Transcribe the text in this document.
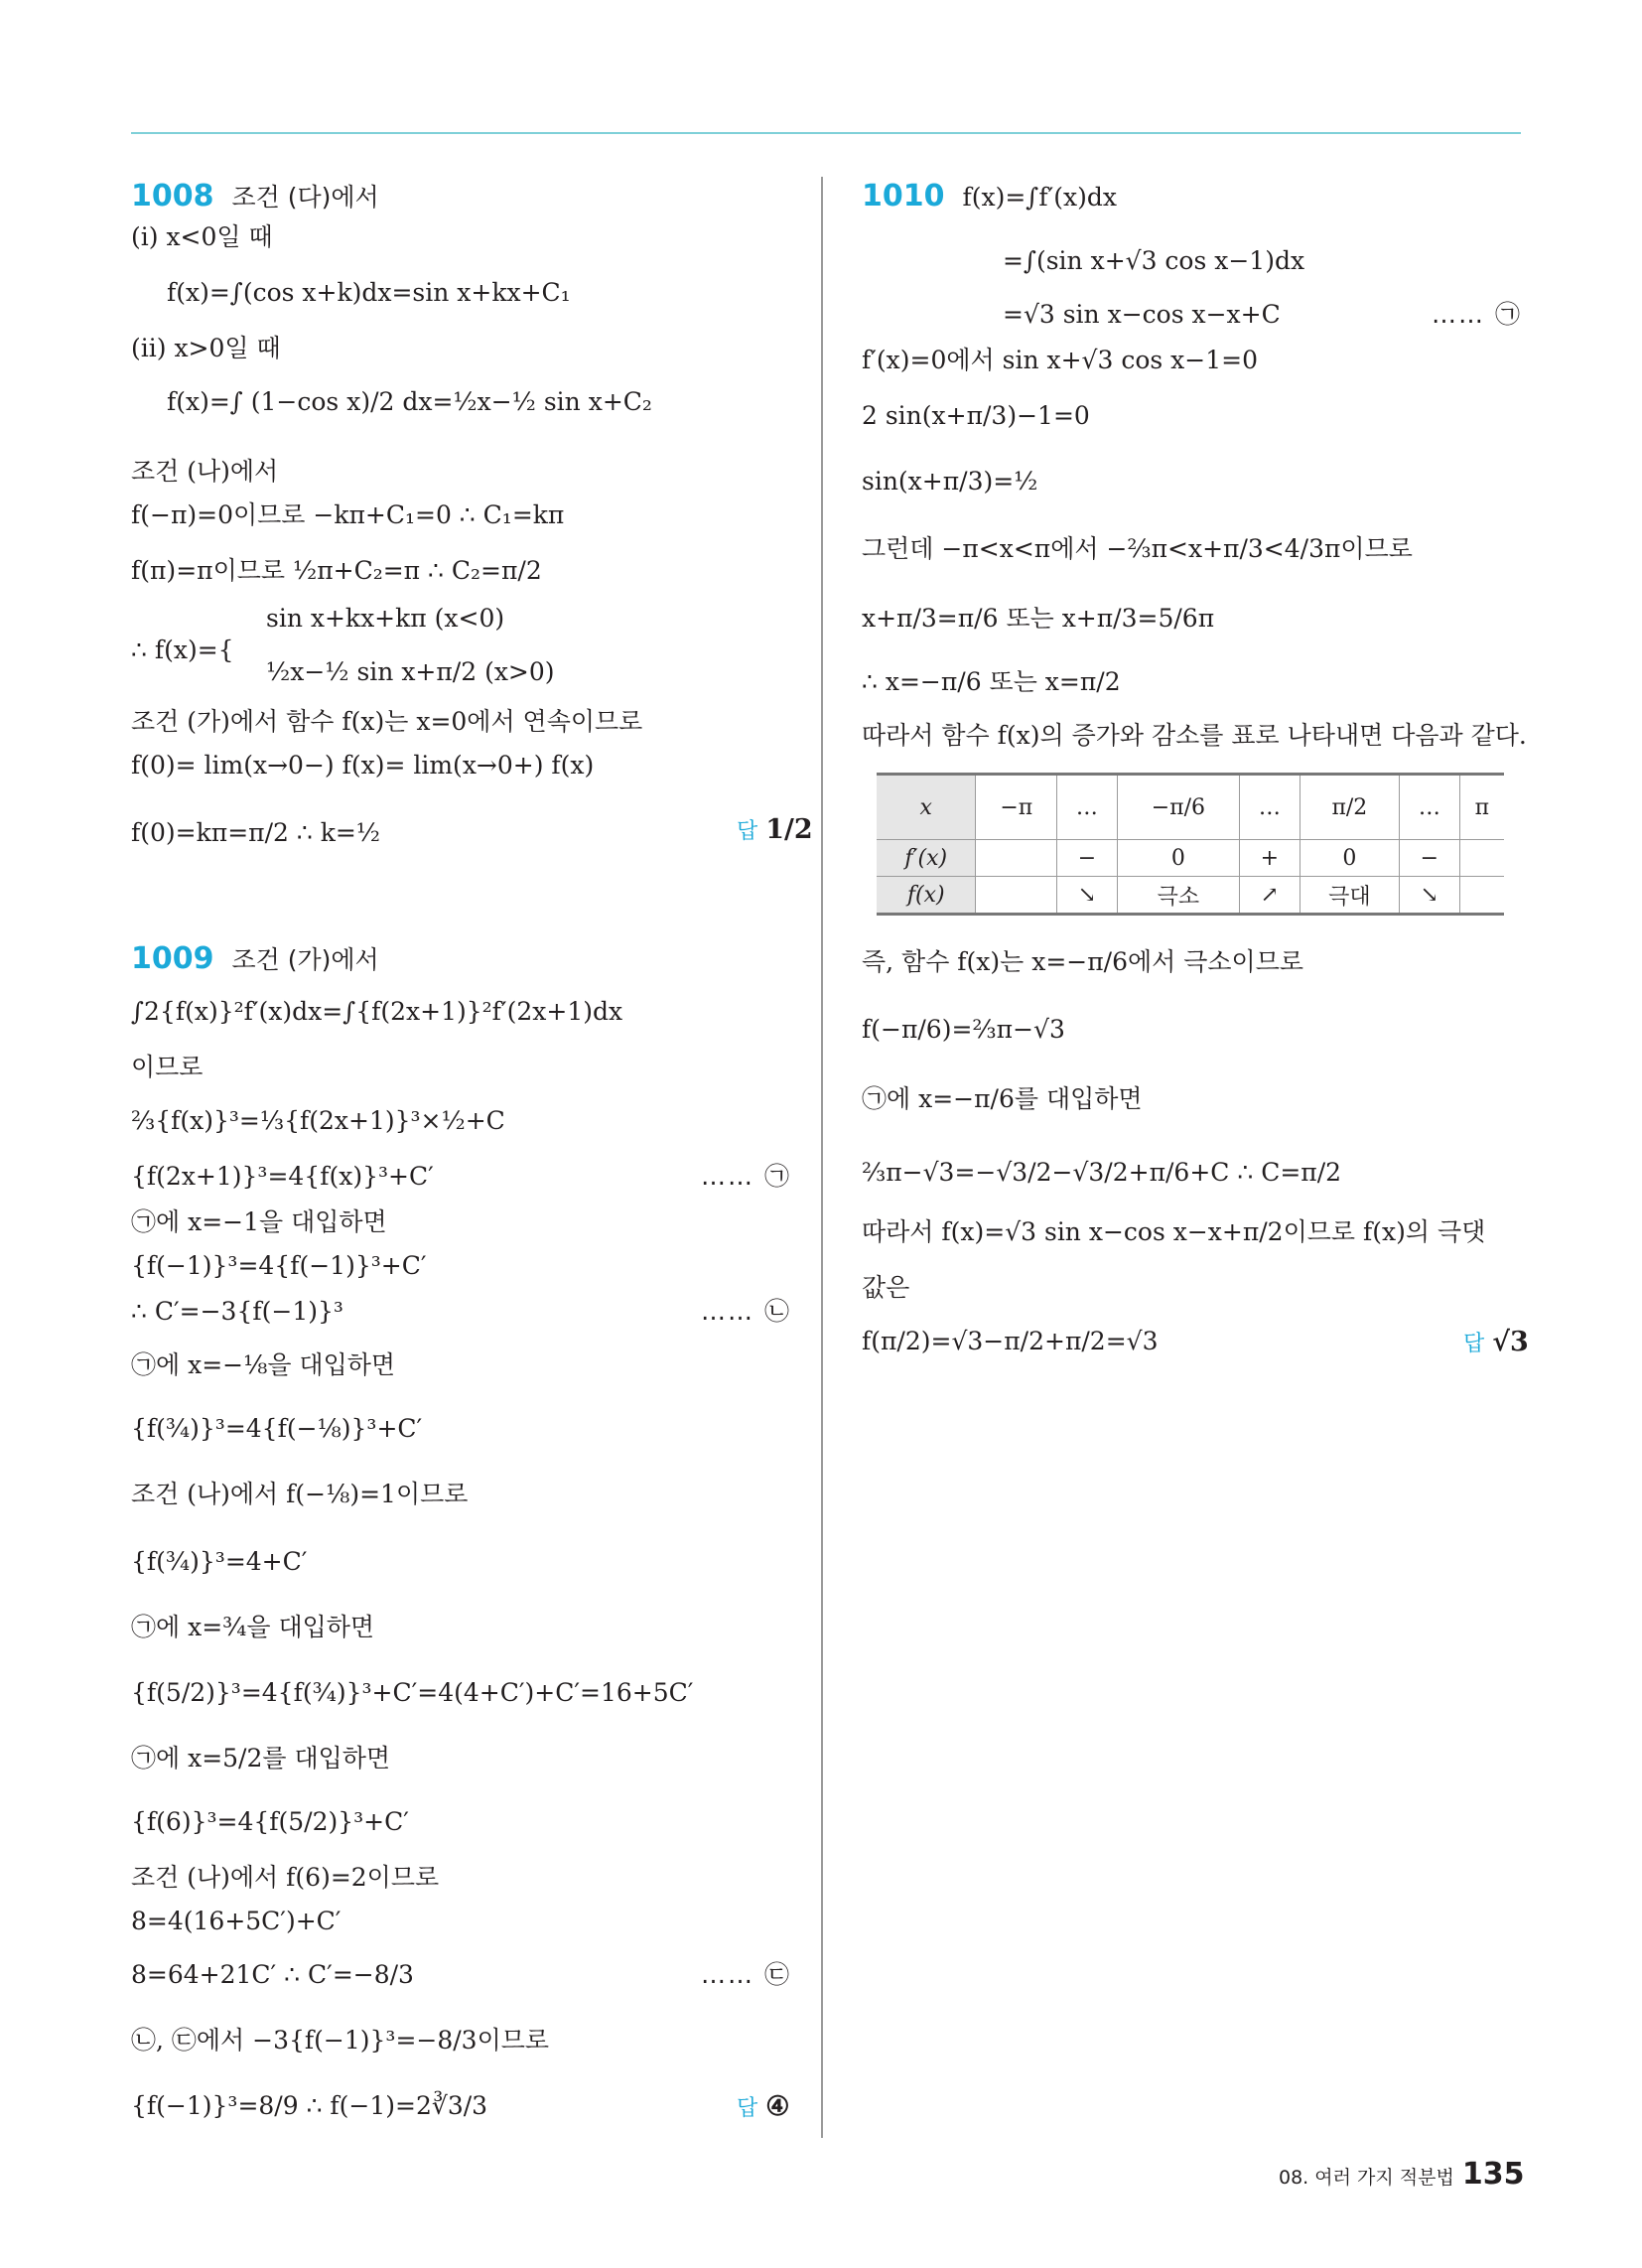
1008 조건 (다)에서
(ⅰ) x<0일 때
f(x)=∫(cos x+k)dx=sin x+kx+C₁
(ⅱ) x>0일 때
f(x)=∫ (1−cos x)/2 dx=½x−½ sin x+C₂
조건 (나)에서
f(−π)=0이므로 −kπ+C₁=0 ∴ C₁=kπ
f(π)=π이므로 ½π+C₂=π ∴ C₂=π/2
sin x+kx+kπ (x<0)
∴ f(x)={
½x−½ sin x+π/2 (x>0)
조건 (가)에서 함수 f(x)는 x=0에서 연속이므로
f(0)= lim(x→0−) f(x)= lim(x→0+) f(x)
f(0)=kπ=π/2 ∴ k=½	답 1/2
1009 조건 (가)에서
∫2{f(x)}²f′(x)dx=∫{f(2x+1)}²f′(2x+1)dx
이므로
⅔{f(x)}³=⅓{f(2x+1)}³×½+C
{f(2x+1)}³=4{f(x)}³+C′	…… ㉠
㉠에 x=−1을 대입하면
{f(−1)}³=4{f(−1)}³+C′
∴ C′=−3{f(−1)}³	…… ㉡
㉠에 x=−⅛을 대입하면
{f(¾)}³=4{f(−⅛)}³+C′
조건 (나)에서 f(−⅛)=1이므로
{f(¾)}³=4+C′
㉠에 x=¾을 대입하면
{f(5/2)}³=4{f(¾)}³+C′=4(4+C′)+C′=16+5C′
㉠에 x=5/2를 대입하면
{f(6)}³=4{f(5/2)}³+C′
조건 (나)에서 f(6)=2이므로
8=4(16+5C′)+C′
8=64+21C′ ∴ C′=−8/3	…… ㉢
㉡, ㉢에서 −3{f(−1)}³=−8/3이므로
{f(−1)}³=8/9 ∴ f(−1)=2∛3/3	답 ④
1010 f(x)=∫f′(x)dx
=∫(sin x+√3 cos x−1)dx
=√3 sin x−cos x−x+C	…… ㉠
f′(x)=0에서 sin x+√3 cos x−1=0
2 sin(x+π/3)−1=0
sin(x+π/3)=½
그런데 −π<x<π에서 −⅔π<x+π/3<4/3π이므로
x+π/3=π/6 또는 x+π/3=5/6π
∴ x=−π/6 또는 x=π/2
따라서 함수 f(x)의 증가와 감소를 표로 나타내면 다음과 같다.
x	−π	…	−π/6	…	π/2	…	π
f′(x)		−	0	+	0	−	
f(x)		↘	극소	↗	극대	↘	
즉, 함수 f(x)는 x=−π/6에서 극소이므로
f(−π/6)=⅔π−√3
㉠에 x=−π/6를 대입하면
⅔π−√3=−√3/2−√3/2+π/6+C ∴ C=π/2
따라서 f(x)=√3 sin x−cos x−x+π/2이므로 f(x)의 극댓
값은
f(π/2)=√3−π/2+π/2=√3	답 √3
08. 여러 가지 적분법 135
